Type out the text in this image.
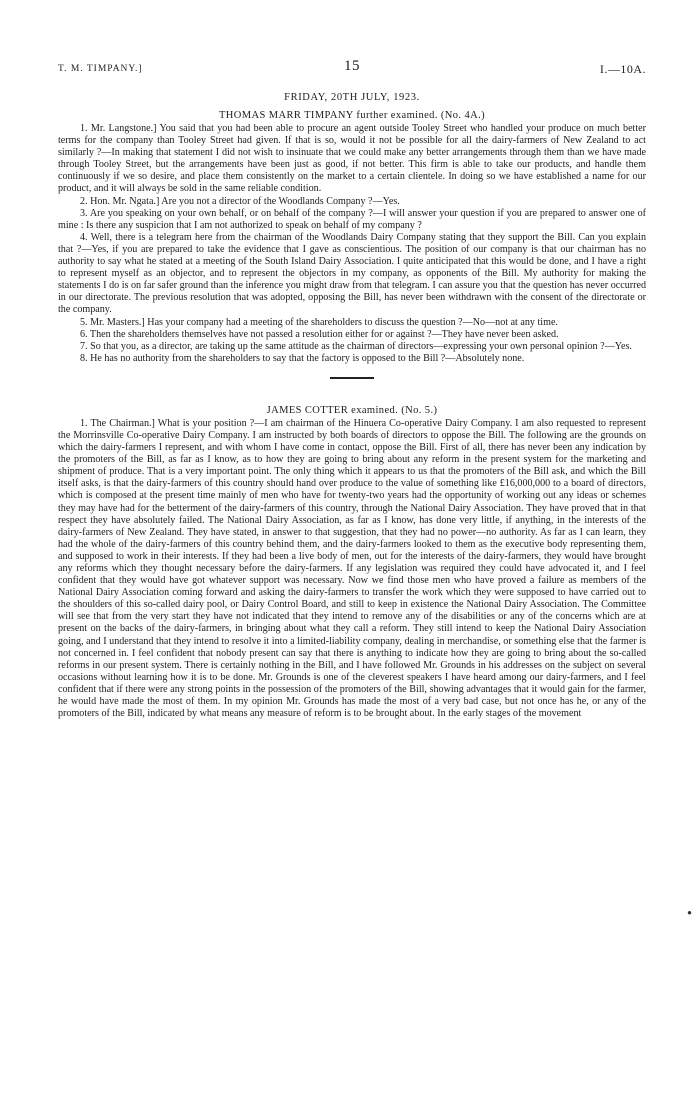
T. M. TIMPANY.]	15	I.—10A.
FRIDAY, 20TH JULY, 1923.
THOMAS MARR TIMPANY further examined. (No. 4A.)

1. Mr. Langstone.] You said that you had been able to procure an agent outside Tooley Street who handled your produce on much better terms for the company than Tooley Street had given. If that is so, would it not be possible for all the dairy-farmers of New Zealand to act similarly ?—In making that statement I did not wish to insinuate that we could make any better arrangements through them than we have made through Tooley Street, but the arrangements have been just as good, if not better. This firm is able to take our products, and handle them continuously if we so desire, and place them consistently on the market to a certain clientele. In doing so we have established a name for our product, and it will always be sold in the same reliable condition.

2. Hon. Mr. Ngata.] Are you not a director of the Woodlands Company ?—Yes.

3. Are you speaking on your own behalf, or on behalf of the company ?—I will answer your question if you are prepared to answer one of mine : Is there any suspicion that I am not authorized to speak on behalf of my company ?

4. Well, there is a telegram here from the chairman of the Woodlands Dairy Company stating that they support the Bill. Can you explain that ?—Yes, if you are prepared to take the evidence that I gave as conscientious. The position of our company is that our chairman has no authority to say what he stated at a meeting of the South Island Dairy Association. I quite anticipated that this would be done, and I have a right to represent myself as an objector, and to represent the objectors in my company, as opponents of the Bill. My authority for making the statements I do is on far safer ground than the inference you might draw from that telegram. I can assure you that the question has never occurred in our directorate. The previous resolution that was adopted, opposing the Bill, has never been withdrawn with the consent of the directorate or the company.

5. Mr. Masters.] Has your company had a meeting of the shareholders to discuss the question ?—No—not at any time.

6. Then the shareholders themselves have not passed a resolution either for or against ?—They have never been asked.

7. So that you, as a director, are taking up the same attitude as the chairman of directors—expressing your own personal opinion ?—Yes.

8. He has no authority from the shareholders to say that the factory is opposed to the Bill ?—Absolutely none.

JAMES COTTER examined. (No. 5.)

1. The Chairman.] What is your position ?—I am chairman of the Hinuera Co-operative Dairy Company. I am also requested to represent the Morrinsville Co-operative Dairy Company. I am instructed by both boards of directors to oppose the Bill. The following are the grounds on which the dairy-farmers I represent, and with whom I have come in contact, oppose the Bill. First of all, there has never been any indication by the promoters of the Bill, as far as I know, as to how they are going to bring about any reform in the present system for the marketing and shipment of produce. That is a very important point. The only thing which it appears to us that the promoters of the Bill ask, and which the Bill itself asks, is that the dairy-farmers of this country should hand over produce to the value of something like £16,000,000 to a board of directors, which is composed at the present time mainly of men who have for twenty-two years had the opportunity of working out any ideas or schemes they may have had for the betterment of the dairy-farmers of this country, through the National Dairy Association. They have proved that in that respect they have absolutely failed. The National Dairy Association, as far as I know, has done very little, if anything, in the interests of the dairy-farmers of New Zealand. They have stated, in answer to that suggestion, that they had no power—no authority. As far as I can learn, they had the whole of the dairy-farmers of this country behind them, and the dairy-farmers looked to them as the executive body representing them, and supposed to work in their interests. If they had been a live body of men, out for the interests of the dairy-farmers, they would have brought any reforms which they thought necessary before the dairy-farmers. If any legislation was required they could have advocated it, and I feel confident that they would have got whatever support was necessary. Now we find those men who have proved a failure as members of the National Dairy Association coming forward and asking the dairy-farmers to transfer the work which they were supposed to have carried out to the shoulders of this so-called dairy pool, or Dairy Control Board, and still to keep in existence the National Dairy Association. The Committee will see that from the very start they have not indicated that they intend to remove any of the disabilities or any of the concerns which are at present on the backs of the dairy-farmers, in bringing about what they call a reform. They still intend to keep the National Dairy Association going, and I understand that they intend to resolve it into a limited-liability company, dealing in merchandise, or something else that the farmer is not concerned in. I feel confident that nobody present can say that there is anything to indicate how they are going to bring about the so-called reforms in our present system. There is certainly nothing in the Bill, and I have followed Mr. Grounds in his addresses on the subject on several occasions without learning how it is to be done. Mr. Grounds is one of the cleverest speakers I have heard among our dairy-farmers, and I feel confident that if there were any strong points in the possession of the promoters of the Bill, showing advantages that it would gain for the farmer, he would have made the most of them. In my opinion Mr. Grounds has made the most of a very bad case, but not once has he, or any of the promoters of the Bill, indicated by what means any measure of reform is to be brought about. In the early stages of the movement

●
